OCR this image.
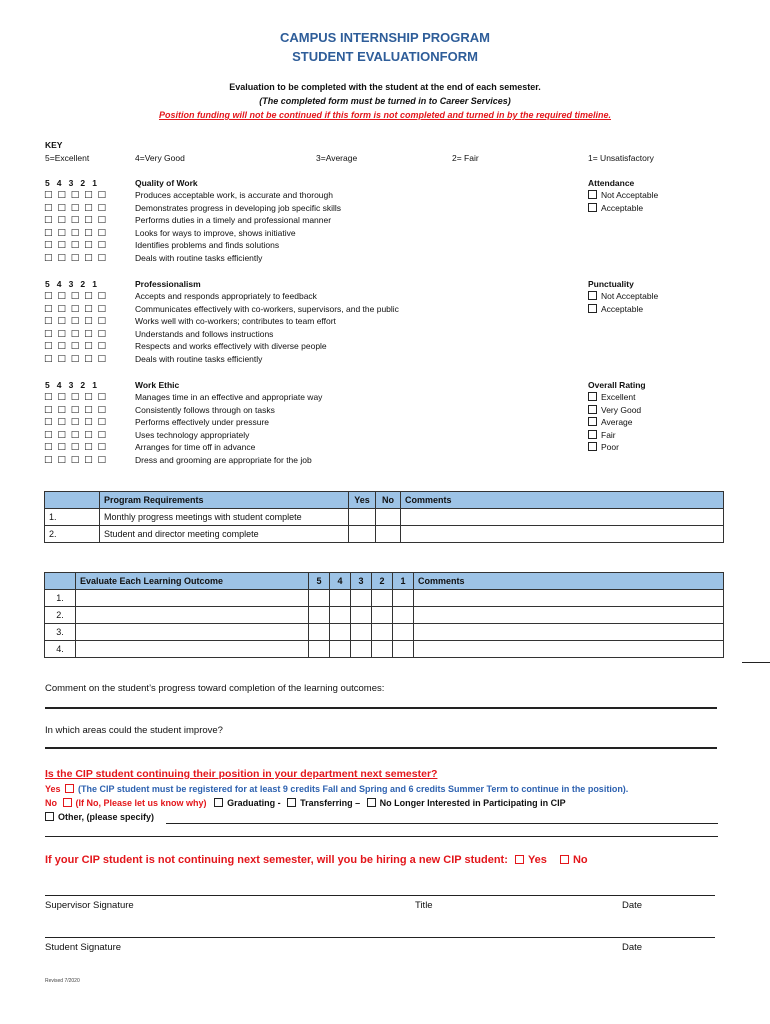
CAMPUS INTERNSHIP PROGRAM
STUDENT EVALUATIONFORM
Evaluation to be completed with the student at the end of each semester.
(The completed form must be turned in to Career Services)
Position funding will not be continued if this form is not completed and turned in by the required timeline.
KEY
5=Excellent	4=Very Good	3=Average	2= Fair	1= Unsatisfactory
5   4   3   2   1	Quality of Work
□ □ □ □ □	Produces acceptable work, is accurate and thorough
□ □ □ □ □	Demonstrates progress in developing job specific skills
□ □ □ □ □	Performs duties in a timely and professional manner
□ □ □ □ □	Looks for ways to improve, shows initiative
□ □ □ □ □	Identifies problems and finds solutions
□ □ □ □ □	Deals with routine tasks efficiently
Attendance
Not Acceptable
Acceptable
5   4   3   2   1	Professionalism
□ □ □ □ □	Accepts and responds appropriately to feedback
□ □ □ □ □	Communicates effectively with co-workers, supervisors, and the public
□ □ □ □ □	Works well with co-workers; contributes to team effort
□ □ □ □ □	Understands and follows instructions
□ □ □ □ □	Respects and works effectively with diverse people
□ □ □ □ □	Deals with routine tasks efficiently
Punctuality
Not Acceptable
Acceptable
5   4   3   2   1	Work Ethic
□ □ □ □ □	Manages time in an effective and appropriate way
□ □ □ □ □	Consistently follows through on tasks
□ □ □ □ □	Performs effectively under pressure
□ □ □ □ □	Uses technology appropriately
□ □ □ □ □	Arranges for time off in advance
□ □ □ □ □	Dress and grooming are appropriate for the job
Overall Rating
Excellent
Very Good
Average
Fair
Poor
	Program Requirements	Yes	No	Comments
1.	Monthly progress meetings with student complete			
2.	Student and director meeting complete			
	Evaluate Each Learning Outcome	5	4	3	2	1	Comments
1.							
2.							
3.							
4.							
Comment on the student’s progress toward completion of the learning outcomes:
In which areas could the student improve?
Is the CIP student continuing their position in your department next semester?
Yes (The CIP student must be registered for at least 9 credits Fall and Spring and 6 credits Summer Term to continue in the position).
No (If No, Please let us know why) Graduating - Transferring – No Longer Interested in Participating in CIP
Other, (please specify)
If your CIP student is not continuing next semester, will you be hiring a new CIP student: Yes No
Supervisor Signature	Title	Date
Student Signature	Date
Revised 7/2020
